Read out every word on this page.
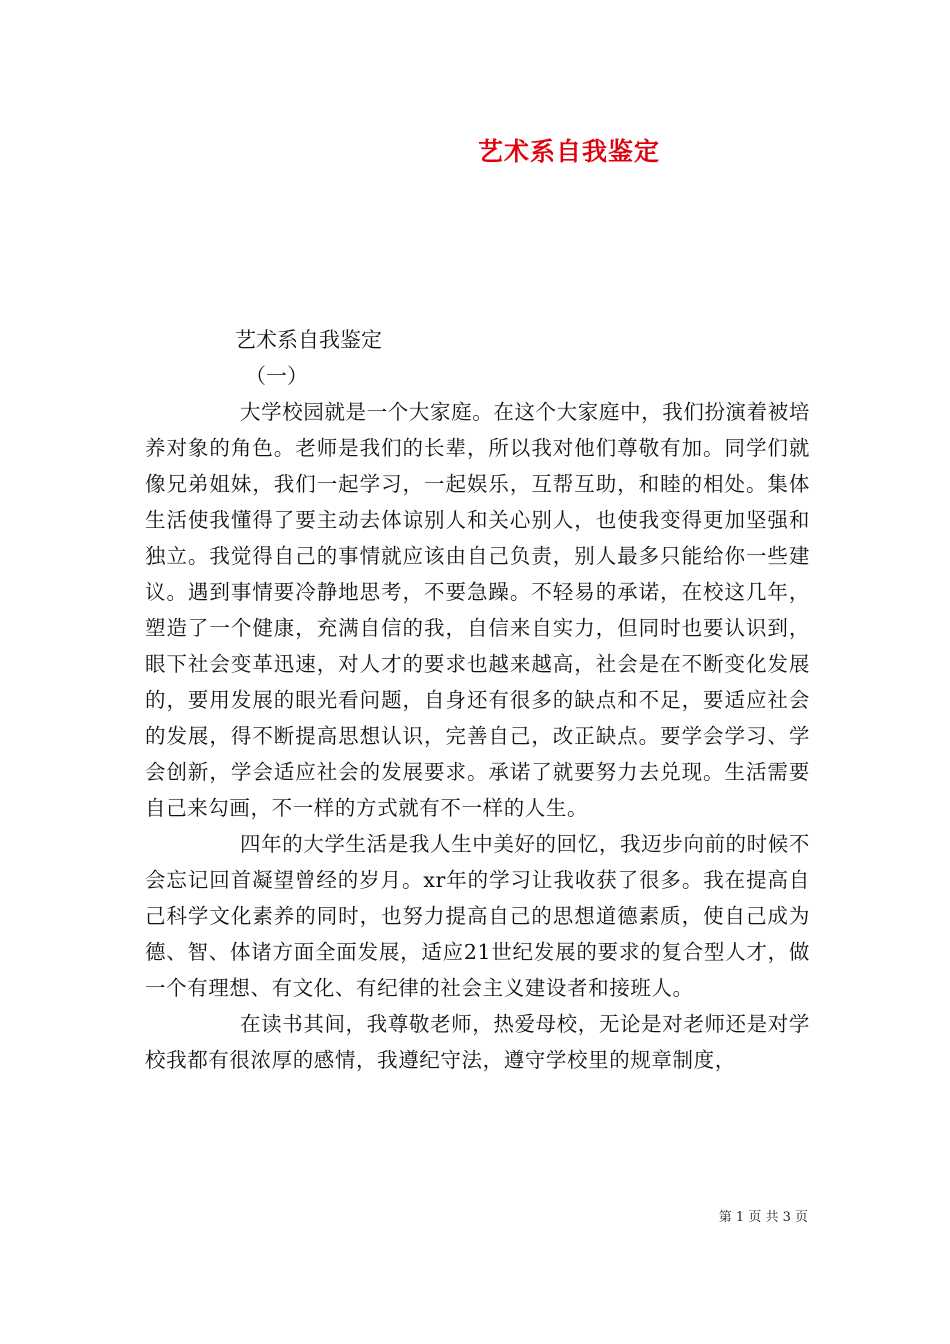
艺术系自我鉴定

艺术系自我鉴定

（一）

大学校园就是一个大家庭。在这个大家庭中，我们扮演着被培养对象的角色。老师是我们的长辈，所以我对他们尊敬有加。同学们就像兄弟姐妹，我们一起学习，一起娱乐，互帮互助，和睦的相处。集体生活使我懂得了要主动去体谅别人和关心别人，也使我变得更加坚强和独立。我觉得自己的事情就应该由自己负责，别人最多只能给你一些建议。遇到事情要冷静地思考，不要急躁。不轻易的承诺，在校这几年，塑造了一个健康，充满自信的我，自信来自实力，但同时也要认识到，眼下社会变革迅速，对人才的要求也越来越高，社会是在不断变化发展的，要用发展的眼光看问题，自身还有很多的缺点和不足，要适应社会的发展，得不断提高思想认识，完善自己，改正缺点。要学会学习、学会创新，学会适应社会的发展要求。承诺了就要努力去兑现。生活需要自己来勾画，不一样的方式就有不一样的人生。

四年的大学生活是我人生中美好的回忆，我迈步向前的时候不会忘记回首凝望曾经的岁月。xr年的学习让我收获了很多。我在提高自己科学文化素养的同时，也努力提高自己的思想道德素质，使自己成为德、智、体诸方面全面发展，适应21世纪发展的要求的复合型人才，做一个有理想、有文化、有纪律的社会主义建设者和接班人。

在读书其间，我尊敬老师，热爱母校，无论是对老师还是对学校我都有很浓厚的感情，我遵纪守法，遵守学校里的规章制度，

第 1 页 共 3 页
